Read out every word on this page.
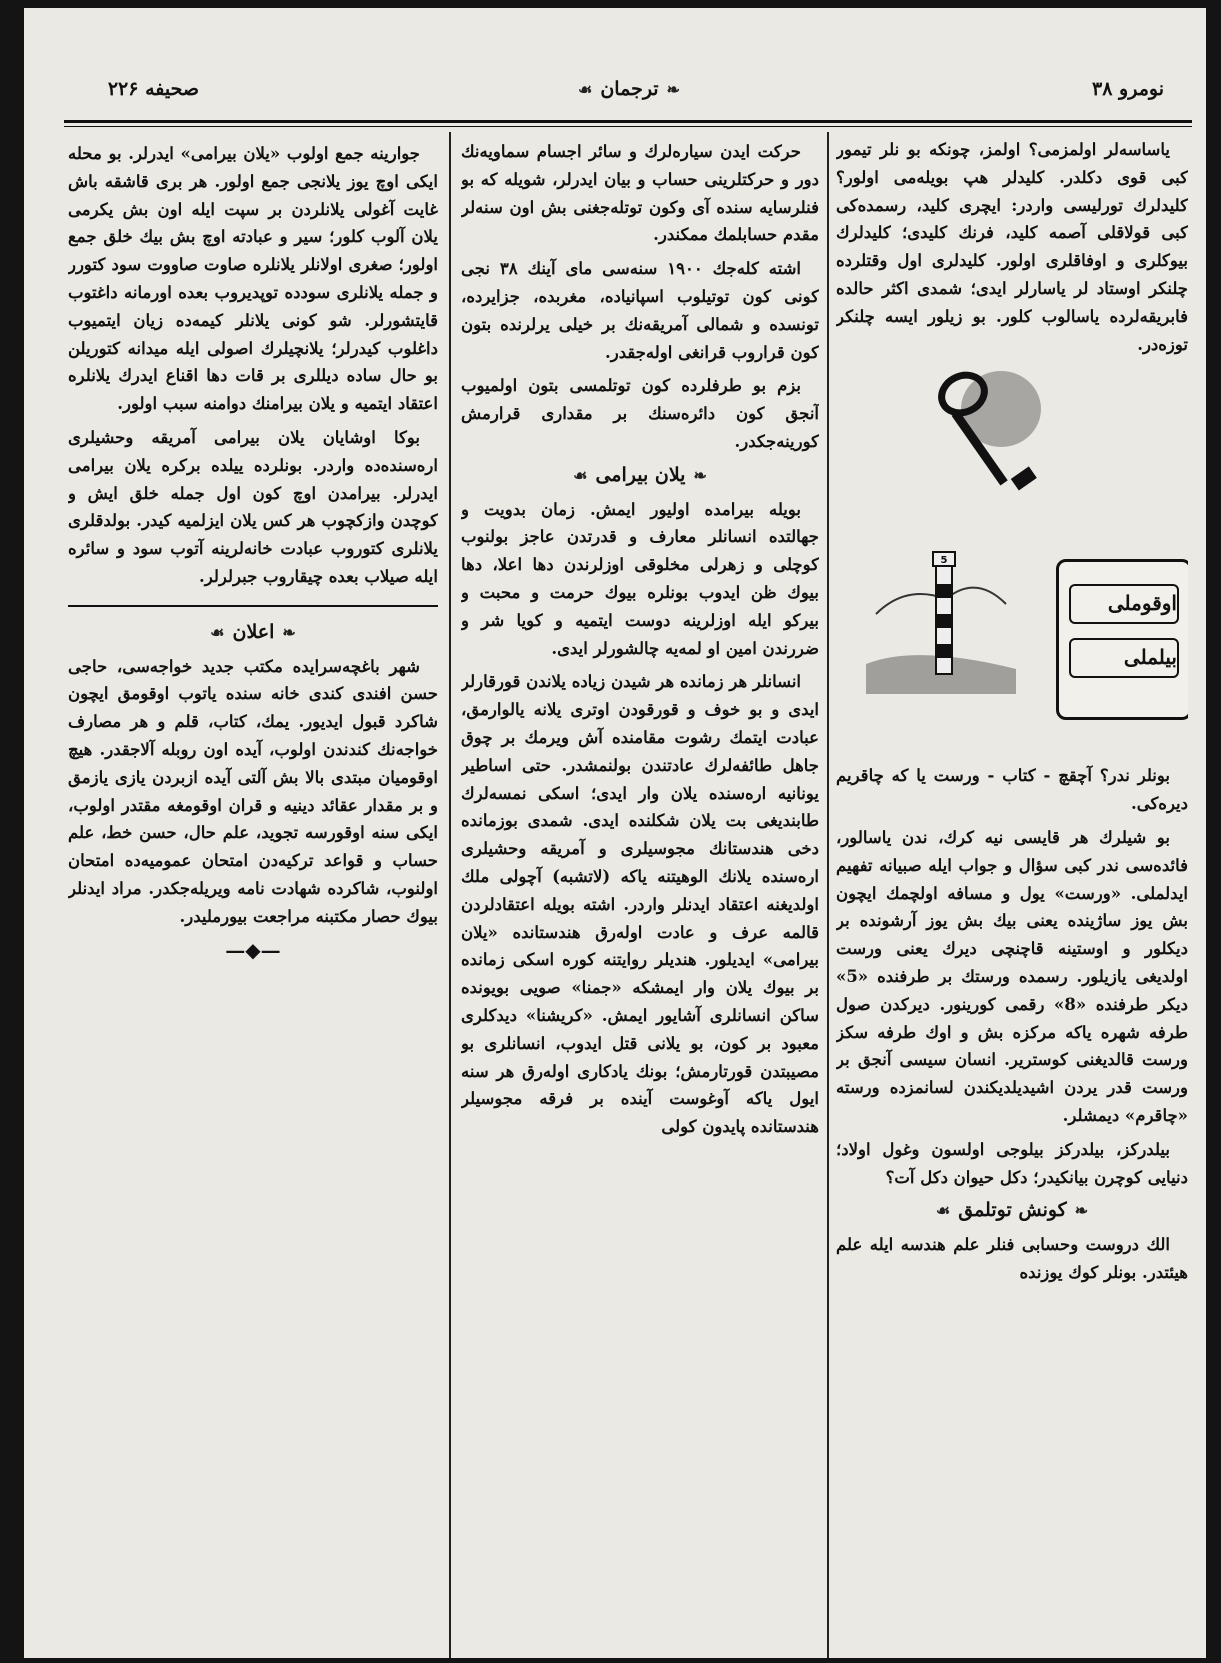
نومرو ۳۸
❧ترجمان☙
صحیفه ۲۲۶

یاساسه‌لر اولمزمی؟ اولمز، چونکه بو نلر تیمور کبی قوی دکلدر. کلیدلر هپ بویله‌می اولور؟ کلیدلرك تورلیسی واردر: ایچری کلید، رسمده‌کی کبی قولاقلی آصمه کلید، فرنك کلیدی؛ کلیدلرك بیوکلری و اوفاقلری اولور. کلیدلری اول وقتلرده چلنکر اوستاد لر یاسارلر ایدی؛ شمدی اکثر حالده فابریقه‌لرده یاسالوب کلور. بو زیلور ایسه چلنکر توزه‌در.

5
اوقوملی
بیلملی

بونلر ندر؟ آچقچ - کتاب - ورست یا که چاقریم دیره‌کی.

بو شیلرك هر قایسی نیه کرك، ندن یاسالور، فائده‌سی ندر کبی سؤال و جواب ایله صبیانه تفهیم ایدلملی. «ورست» یول و مسافه اولچمك ایچون بش یوز ساژینده یعنی بیك بش یوز آرشونده بر دیکلور و اوستینه قاچنچی دیرك یعنی ورست اولدیغی یازیلور. رسمده ورستك بر طرفنده «5» دیکر طرفنده «8» رقمی کورینور. دیرکدن صول طرفه شهره یاکه مرکزه بش و اوك طرفه سکز ورست قالدیغنی کوسترير. انسان سیسی آنجق بر ورست قدر یردن اشیدیلدیکندن لسانمزده ورسته «چاقرم» دیمشلر.

بیلدرکز، بیلدرکز بیلوجی اولسون وغول اولاد؛ دنیایی کوچرن بیانکیدر؛ دکل حیوان دکل آت؟

❧کونش توتلمق☙

الك دروست وحسابی فنلر علم هندسه ایله علم هیئتدر. بونلر کوك یوزنده

حرکت ایدن سیاره‌لرك و سائر اجسام سماویه‌نك دور و حرکتلرینی حساب و بیان ایدرلر، شویله که بو فنلرسایه سنده آی وکون توتله‌جغنی بش اون سنه‌لر مقدم حسابلمك ممکندر.

اشته کله‌جك ۱۹۰۰ سنه‌سی مای آینك ۳۸ نجی کونی کون توتیلوب اسپانیاده، مغربده، جزایرده، تونسده و شمالی آمریقه‌نك بر خیلی یرلرنده بتون کون قراروب قرانغی اوله‌جقدر.

بزم بو طرفلرده کون توتلمسی بتون اولمیوب آنجق کون دائره‌سنك بر مقداری قرارمش کورینه‌جکدر.

❧یلان بیرامی☙

بویله بیرامده اولیور ایمش. زمان بدویت و جهالتده انسانلر معارف و قدرتدن عاجز بولنوب کوچلی و زهرلی مخلوقی اوزلرندن دها اعلا، دها بیوك ظن ایدوب بونلره بیوك حرمت و محبت و بیرکو ایله اوزلرینه دوست ایتمیه و کویا شر و ضررندن امین او لمه‌یه چالشورلر ایدی.

انسانلر هر زمانده هر شیدن زیاده یلاندن قورقارلر ایدی و بو خوف و قورقودن اوتری یلانه یالوارمق، عبادت ایتمك رشوت مقامنده آش ویرمك بر چوق جاهل طائفه‌لرك عادتندن بولنمشدر. حتی اساطیر یونانیه ارەسنده یلان وار ایدی؛ اسکی نمسه‌لرك طابندیغی بت یلان شکلنده ایدی. شمدی بوزمانده دخی هندستانك مجوسیلری و آمریقه وحشیلری ارەسنده یلانك الوهیتنه یاکه (لاتشبه) آچولی ملك اولدیغنه اعتقاد ایدنلر واردر. اشته بویله اعتقادلردن قالمه عرف و عادت اوله‌رق هندستانده «یلان بیرامی» ایدیلور. هندیلر روایتنه کوره اسکی زمانده بر بیوك یلان وار ایمشکه «جمنا» صویی بویونده ساکن انسانلری آشایور ایمش. «کریشنا» دیدکلری معبود بر کون، بو یلانی قتل ایدوب، انسانلری بو مصیبتدن قورتارمش؛ بونك یادکاری اوله‌رق هر سنه ایول یاکه آوغوست آینده بر فرقه مجوسیلر هندستانده پایدون کولی

جوارینه جمع اولوب «یلان بیرامی» ایدرلر. بو محله ایکی اوچ یوز یلانجی جمع اولور. هر بری قاشقه باش غایت آغولی یلانلردن بر سپت ایله اون بش یکرمی یلان آلوب کلور؛ سیر و عبادته اوچ بش بیك خلق جمع اولور؛ صغری اولانلر یلانلره صاوت صاووت سود کتورر و جمله یلانلری سودده توپدیروب بعده اورمانه داغتوب قایتشورلر. شو کونی یلانلر کیمه‌ده زیان ایتمیوب داغلوب کیدرلر؛ یلانچیلرك اصولی ایله میدانه کتوریلن بو حال ساده دیللری بر قات دها اقناع ایدرك یلانلره اعتقاد ایتمیه و یلان بیرامنك دوامنه سبب اولور.

بوکا اوشایان یلان بیرامی آمریقه وحشیلری ارەسنده‌ده واردر. بونلرده ییلده برکره یلان بیرامی ایدرلر. بیرامدن اوچ کون اول جمله خلق ایش و کوچدن وازکچوب هر کس یلان ایزلمیه کیدر. بولدقلری یلانلری کتوروب عبادت خانه‌لرینه آتوب سود و سائره ایله صیلاب بعده چیقاروب جبرلرلر.

❧اعلان☙

شهر باغچه‌سرایده مکتب جدید خواجه‌سی، حاجی حسن افندی کندی خانه سنده یاتوب اوقومق ایچون شاکرد قبول ایدیور. یمك، کتاب، قلم و هر مصارف خواجه‌نك کندندن اولوب، آیده اون روبله آلاجقدر. هیچ اوقومیان مبتدی بالا بش آلتی آیده ازبردن یازی یازمق و بر مقدار عقائد دینیه و قران اوقومغه مقتدر اولوب، ایکی سنه اوقورسه تجوید، علم حال، حسن خط، علم حساب و قواعد ترکیه‌دن امتحان عمومیه‌ده امتحان اولنوب، شاکرده شهادت نامه ویریله‌جکدر. مراد ایدنلر بیوك حصار مکتبنه مراجعت بیورملیدر.

—◆—
